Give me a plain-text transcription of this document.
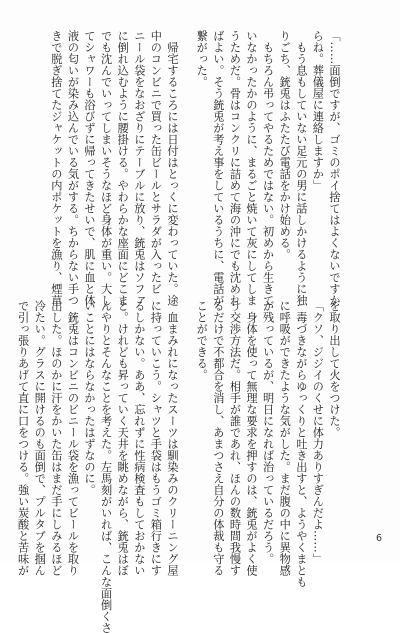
「……面倒ですが、ゴミのポイ捨てはよくないですか

らね。葬儀屋に連絡しますか」

　もう息もしていない足元の男に話しかけるように独

りごち、銃兎はふたたび電話をかけ始める。

　もちろん弔ってやるためではない。初めから生きて

いなかったかのように、まるごと焼いて灰にしてしま

うためだ。骨はコンクリに詰めて海の沖にでも沈めれ

ばよい。そう銃兎が考え事をしているうちに、電話が

繋がった。

　帰宅するころには日付はとっくに変わっていた。途

中のコンビニで買った缶ビールとサラダが入ったビ

ニール袋をなおざりにテーブルに放り、銃兎はソファ

に倒れ込むように腰掛ける。やわらかな座面にどこま

でも沈んでいってしまいそうなほど身体が重い。大し

てシャワーも浴びずに帰ってきたせいで、肌に血と体

液の匂いが染み込んでいる気がする。ちからない手つ

きで脱ぎ捨てたジャケットの内ポケットを漁り、煙草

を取り出して火をつけた。

「クソ、ジジイのくせに体力ありすぎんだよ……」

　毒づきながらゆっくりと吐き出すと、ようやくまとも

に呼吸ができたような気がした。まだ腹の中に異物感

が残っているが、明日になれば治っているだろう。

　身体を使って無理な要求を押すのは、銃兎がよく使

う交渉方法だ。相手が誰であれ、ほんの数時間我慢す

るだけで不都合を消し、あまつさえ自分の体裁も守る

ことができる。

　血まみれになったスーツは馴染みのクリーニング屋

に持っていこう。シャツと手袋はもうゴミ箱行きにす

るしかない。ああ、忘れずに性病検査もしておかない

と。けれども昇っていく天井を眺めながら、銃兎はぼ

んやりとそんなことを考えた。左馬刻がいれば、こんな面倒くさ

いことにはならなかったはずなのに。

　銃兎はコンビニのビニール袋を漁ってビールを取り

出した。ほのかに汗をかいた缶はまだ手にしみるほど

冷たい。グラスに開けるのも面倒で、プルタブを掴ん

で引っ張りあげて直に口をつける。強い炭酸と苦味が	6
